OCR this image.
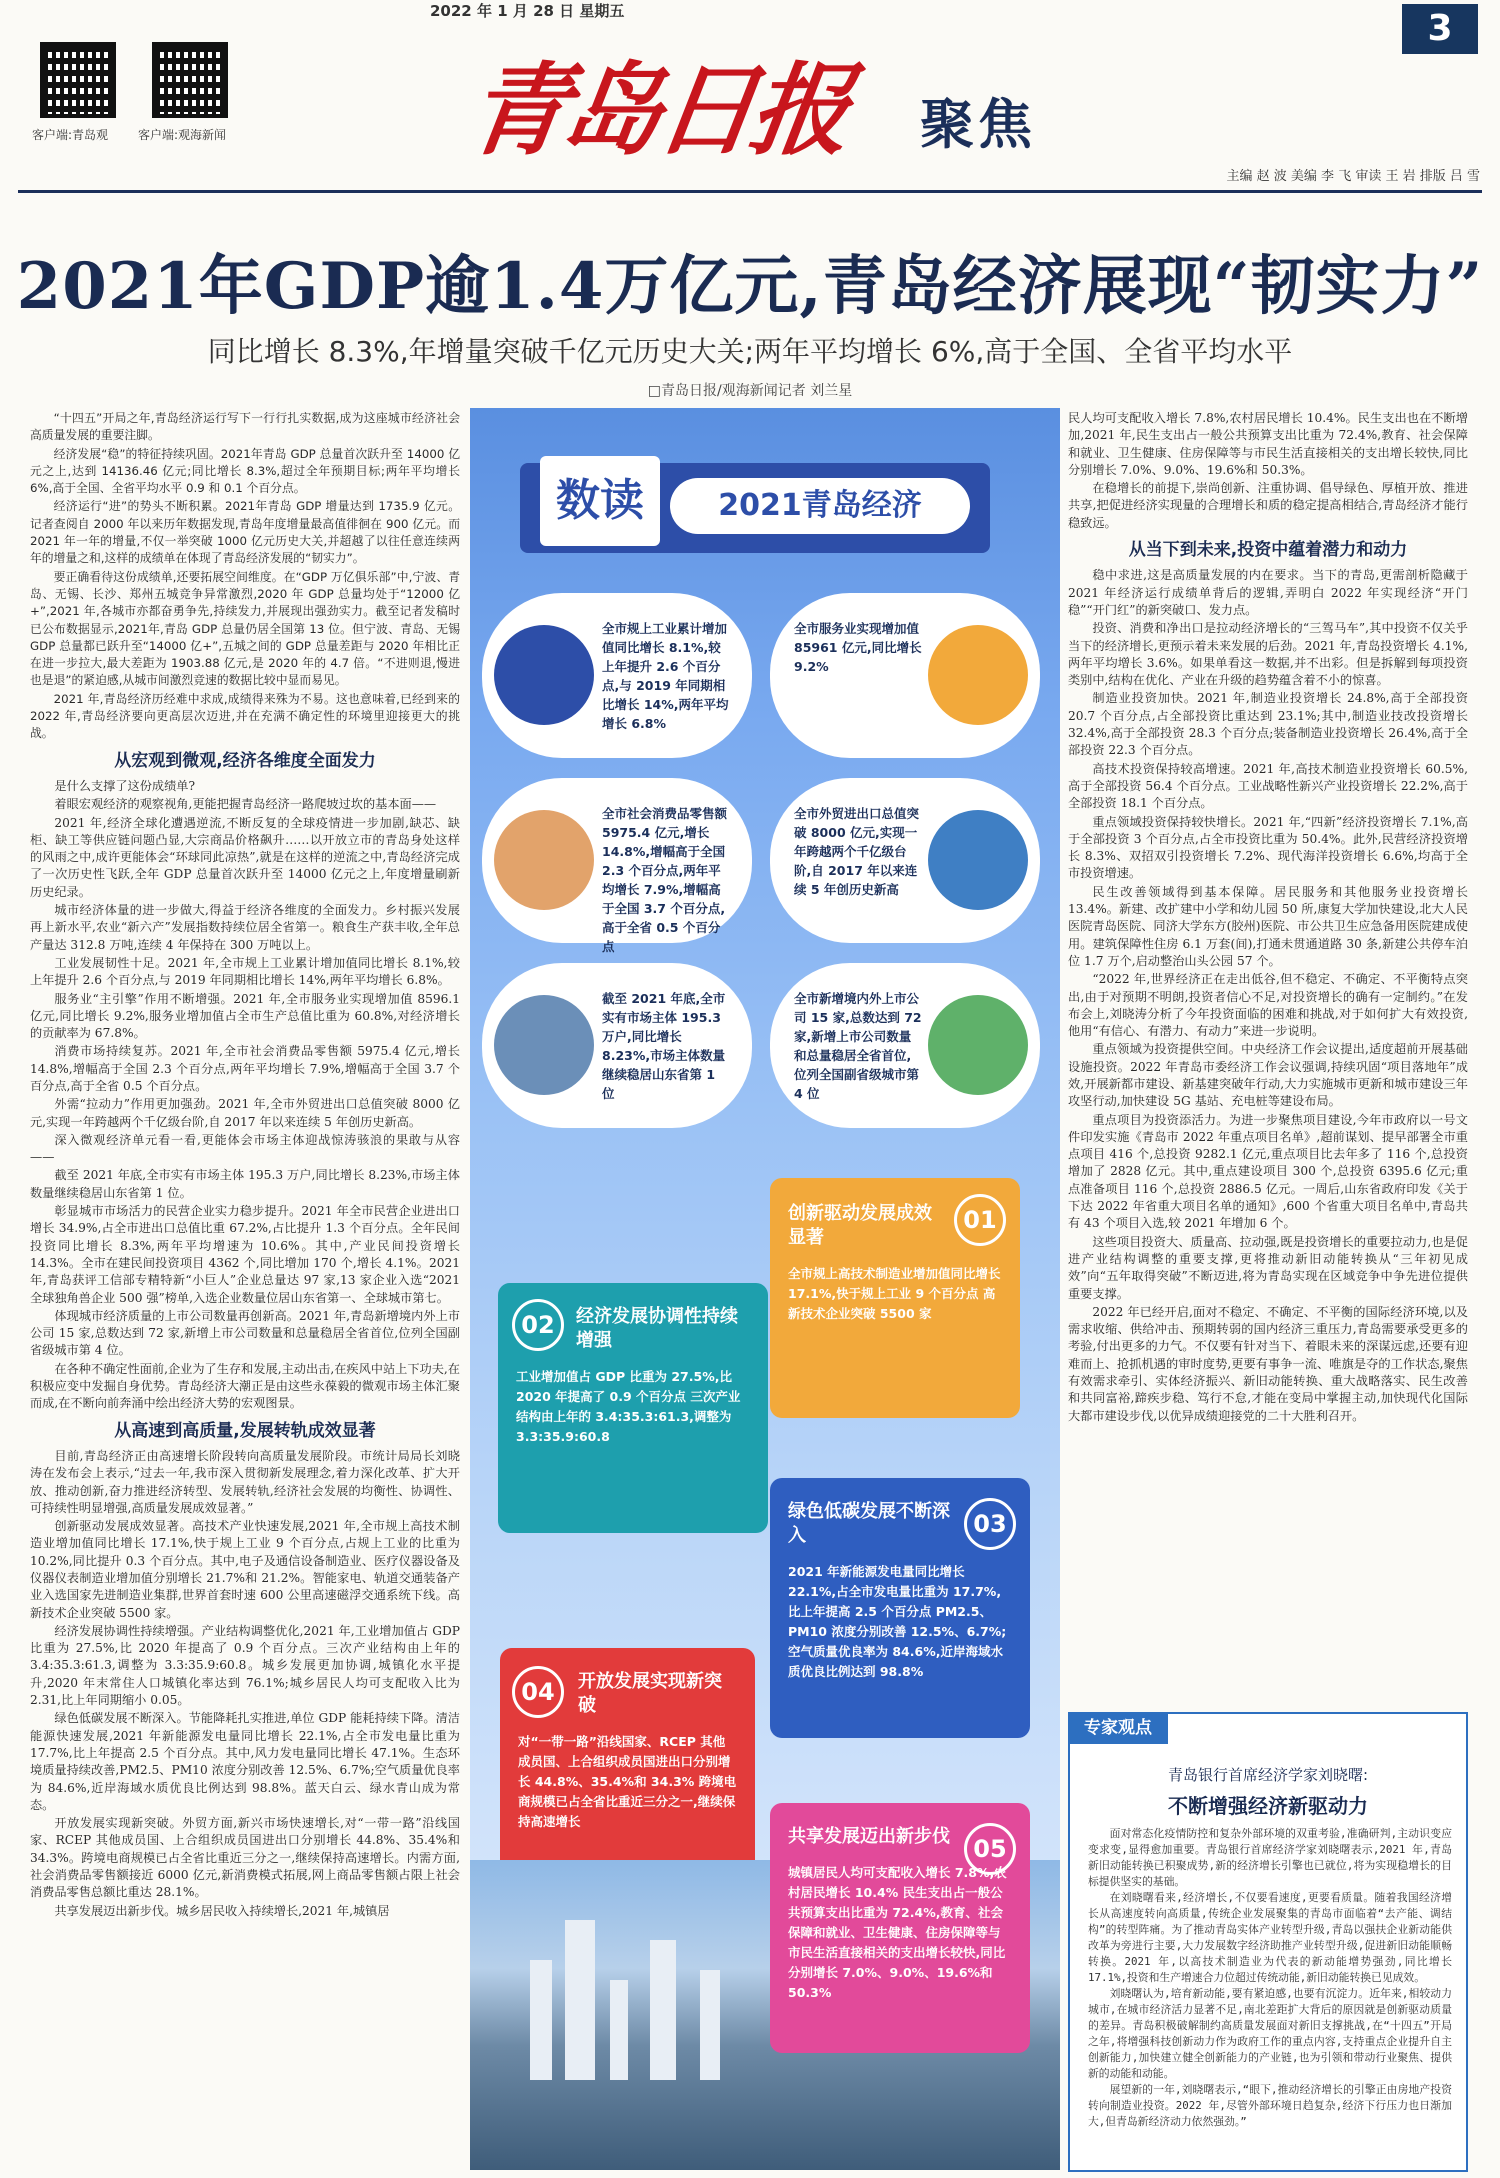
2022 年 1 月 28 日 星期五	3
客户端:青岛观 客户端:观海新闻 青岛日报 聚焦
主编 赵 波 美编 李 飞 审读 王 岩 排版 吕 雪
2021年GDP逾1.4万亿元,青岛经济展现“韧实力”
同比增长 8.3%,年增量突破千亿元历史大关;两年平均增长 6%,高于全国、全省平均水平
□青岛日报/观海新闻记者 刘兰星

“十四五”开局之年,青岛经济运行写下一行行扎实数据,成为这座城市经济社会高质量发展的重要注脚。

经济发展“稳”的特征持续巩固。2021年青岛 GDP 总量首次跃升至 14000 亿元之上,达到 14136.46 亿元;同比增长 8.3%,超过全年预期目标;两年平均增长 6%,高于全国、全省平均水平 0.9 和 0.1 个百分点。

经济运行“进”的势头不断积累。2021年青岛 GDP 增量达到 1735.9 亿元。记者查阅自 2000 年以来历年数据发现,青岛年度增量最高值徘徊在 900 亿元。而 2021 年一年的增量,不仅一举突破 1000 亿元历史大关,并超越了以往任意连续两年的增量之和,这样的成绩单在体现了青岛经济发展的“韧实力”。

要正确看待这份成绩单,还要拓展空间维度。在“GDP 万亿俱乐部”中,宁波、青岛、无锡、长沙、郑州五城竞争异常激烈,2020 年 GDP 总量均处于“12000 亿+”,2021 年,各城市亦都奋勇争先,持续发力,并展现出强劲实力。截至记者发稿时已公布数据显示,2021年,青岛 GDP 总量仍居全国第 13 位。但宁波、青岛、无锡 GDP 总量都已跃升至“14000 亿+”,五城之间的 GDP 总量差距与 2020 年相比正在进一步拉大,最大差距为 1903.88 亿元,是 2020 年的 4.7 倍。“不进则退,慢进也是退”的紧迫感,从城市间激烈竞速的数据比较中显而易见。

2021 年,青岛经济历经难中求成,成绩得来殊为不易。这也意味着,已经到来的 2022 年,青岛经济要向更高层次迈进,并在充满不确定性的环境里迎接更大的挑战。

从宏观到微观,经济各维度全面发力

是什么支撑了这份成绩单?

着眼宏观经济的观察视角,更能把握青岛经济一路爬坡过坎的基本面——

2021 年,经济全球化遭遇逆流,不断反复的全球疫情进一步加剧,缺芯、缺柜、缺工等供应链问题凸显,大宗商品价格飙升……以开放立市的青岛身处这样的风雨之中,成许更能体会“环球同此凉热”,就是在这样的逆流之中,青岛经济完成了一次历史性飞跃,全年 GDP 总量首次跃升至 14000 亿元之上,年度增量刷新历史纪录。

城市经济体量的进一步做大,得益于经济各维度的全面发力。乡村振兴发展再上新水平,农业“新六产”发展指数持续位居全省第一。粮食生产获丰收,全年总产量达 312.8 万吨,连续 4 年保持在 300 万吨以上。

工业发展韧性十足。2021 年,全市规上工业累计增加值同比增长 8.1%,较上年提升 2.6 个百分点,与 2019 年同期相比增长 14%,两年平均增长 6.8%。

服务业“主引擎”作用不断增强。2021 年,全市服务业实现增加值 8596.1 亿元,同比增长 9.2%,服务业增加值占全市生产总值比重为 60.8%,对经济增长的贡献率为 67.8%。

消费市场持续复苏。2021 年,全市社会消费品零售额 5975.4 亿元,增长 14.8%,增幅高于全国 2.3 个百分点,两年平均增长 7.9%,增幅高于全国 3.7 个百分点,高于全省 0.5 个百分点。

外需“拉动力”作用更加强劲。2021 年,全市外贸进出口总值突破 8000 亿元,实现一年跨越两个千亿级台阶,自 2017 年以来连续 5 年创历史新高。

深入微观经济单元看一看,更能体会市场主体迎战惊涛骇浪的果敢与从容——

截至 2021 年底,全市实有市场主体 195.3 万户,同比增长 8.23%,市场主体数量继续稳居山东省第 1 位。

彰显城市市场活力的民营企业实力稳步提升。2021 年全市民营企业进出口增长 34.9%,占全市进出口总值比重 67.2%,占比提升 1.3 个百分点。全年民间投资同比增长 8.3%,两年平均增速为 10.6%。其中,产业民间投资增长 14.3%。全市在建民间投资项目 4362 个,同比增加 170 个,增长 4.1%。2021 年,青岛获评工信部专精特新“小巨人”企业总量达 97 家,13 家企业入选“2021 全球独角兽企业 500 强”榜单,入选企业数量位居山东省第一、全球城市第七。

体现城市经济质量的上市公司数量再创新高。2021 年,青岛新增境内外上市公司 15 家,总数达到 72 家,新增上市公司数量和总量稳居全省首位,位列全国副省级城市第 4 位。

在各种不确定性面前,企业为了生存和发展,主动出击,在疾风中站上下功夫,在积极应变中发掘自身优势。青岛经济大潮正是由这些永葆毅的微观市场主体汇聚而成,在不断向前奔涌中绘出经济大势的宏观图景。

从高速到高质量,发展转轨成效显著

目前,青岛经济正由高速增长阶段转向高质量发展阶段。市统计局局长刘晓涛在发布会上表示,“过去一年,我市深入贯彻新发展理念,着力深化改革、扩大开放、推动创新,奋力推进经济转型、发展转轨,经济社会发展的均衡性、协调性、可持续性明显增强,高质量发展成效显著。”

创新驱动发展成效显著。高技术产业快速发展,2021 年,全市规上高技术制造业增加值同比增长 17.1%,快于规上工业 9 个百分点,占规上工业的比重为 10.2%,同比提升 0.3 个百分点。其中,电子及通信设备制造业、医疗仪器设备及仪器仪表制造业增加值分别增长 21.7%和 21.2%。智能家电、轨道交通装备产业入选国家先进制造业集群,世界首套时速 600 公里高速磁浮交通系统下线。高新技术企业突破 5500 家。

经济发展协调性持续增强。产业结构调整优化,2021 年,工业增加值占 GDP 比重为 27.5%,比 2020 年提高了 0.9 个百分点。三次产业结构由上年的 3.4:35.3:61.3,调整为 3.3:35.9:60.8。城乡发展更加协调,城镇化水平提升,2020 年末常住人口城镇化率达到 76.1%;城乡居民人均可支配收入比为 2.31,比上年同期缩小 0.05。

绿色低碳发展不断深入。节能降耗扎实推进,单位 GDP 能耗持续下降。清洁能源快速发展,2021 年新能源发电量同比增长 22.1%,占全市发电量比重为 17.7%,比上年提高 2.5 个百分点。其中,风力发电量同比增长 47.1%。生态环境质量持续改善,PM2.5、PM10 浓度分别改善 12.5%、6.7%;空气质量优良率为 84.6%,近岸海域水质优良比例达到 98.8%。蓝天白云、绿水青山成为常态。

开放发展实现新突破。外贸方面,新兴市场快速增长,对“一带一路”沿线国家、RCEP 其他成员国、上合组织成员国进出口分别增长 44.8%、35.4%和 34.3%。跨境电商规模已占全省比重近三分之一,继续保持高速增长。内需方面,社会消费品零售额接近 6000 亿元,新消费模式拓展,网上商品零售额占限上社会消费品零售总额比重达 28.1%。

共享发展迈出新步伐。城乡居民收入持续增长,2021 年,城镇居

数读	2021青岛经济
全市规上工业累计增加值同比增长 8.1%,较上年提升 2.6 个百分点,与 2019 年同期相比增长 14%,两年平均增长 6.8%
全市服务业实现增加值 85961 亿元,同比增长 9.2%
全市社会消费品零售额 5975.4 亿元,增长 14.8%,增幅高于全国 2.3 个百分点,两年平均增长 7.9%,增幅高于全国 3.7 个百分点,高于全省 0.5 个百分点
全市外贸进出口总值突破 8000 亿元,实现一年跨越两个千亿级台阶,自 2017 年以来连续 5 年创历史新高
截至 2021 年底,全市实有市场主体 195.3 万户,同比增长 8.23%,市场主体数量继续稳居山东省第 1 位
全市新增境内外上市公司 15 家,总数达到 72 家,新增上市公司数量和总量稳居全省首位,位列全国副省级城市第 4 位
01
创新驱动发展成效显著
全市规上高技术制造业增加值同比增长 17.1%,快于规上工业 9 个百分点 高新技术企业突破 5500 家
02	经济发展协调性持续增强
工业增加值占 GDP 比重为 27.5%,比 2020 年提高了 0.9 个百分点 三次产业结构由上年的 3.4:35.3:61.3,调整为 3.3:35.9:60.8
03
绿色低碳发展不断深入
2021 年新能源发电量同比增长 22.1%,占全市发电量比重为 17.7%,比上年提高 2.5 个百分点 PM2.5、PM10 浓度分别改善 12.5%、6.7%;空气质量优良率为 84.6%,近岸海域水质优良比例达到 98.8%
04	开放发展实现新突破
对“一带一路”沿线国家、RCEP 其他成员国、上合组织成员国进出口分别增长 44.8%、35.4%和 34.3% 跨境电商规模已占全省比重近三分之一,继续保持高速增长
05
共享发展迈出新步伐
城镇居民人均可支配收入增长 7.8%,农村居民增长 10.4% 民生支出占一般公共预算支出比重为 72.4%,教育、社会保障和就业、卫生健康、住房保障等与市民生活直接相关的支出增长较快,同比分别增长 7.0%、9.0%、19.6%和 50.3%

民人均可支配收入增长 7.8%,农村居民增长 10.4%。民生支出也在不断增加,2021 年,民生支出占一般公共预算支出比重为 72.4%,教育、社会保障和就业、卫生健康、住房保障等与市民生活直接相关的支出增长较快,同比分别增长 7.0%、9.0%、19.6%和 50.3%。

在稳增长的前提下,崇尚创新、注重协调、倡导绿色、厚植开放、推进共享,把促进经济实现量的合理增长和质的稳定提高相结合,青岛经济才能行稳致远。

从当下到未来,投资中蕴着潜力和动力

稳中求进,这是高质量发展的内在要求。当下的青岛,更需剖析隐藏于 2021 年经济运行成绩单背后的逻辑,弄明白 2022 年实现经济“开门稳”“开门红”的新突破口、发力点。

投资、消费和净出口是拉动经济增长的“三驾马车”,其中投资不仅关乎当下的经济增长,更预示着未来发展的后劲。2021 年,青岛投资增长 4.1%,两年平均增长 3.6%。如果单看这一数据,并不出彩。但是拆解到每项投资类别中,结构在优化、产业在升级的趋势蕴含着不小的惊喜。

制造业投资加快。2021 年,制造业投资增长 24.8%,高于全部投资 20.7 个百分点,占全部投资比重达到 23.1%;其中,制造业技改投资增长 32.4%,高于全部投资 28.3 个百分点;装备制造业投资增长 26.4%,高于全部投资 22.3 个百分点。

高技术投资保持较高增速。2021 年,高技术制造业投资增长 60.5%,高于全部投资 56.4 个百分点。工业战略性新兴产业投资增长 22.2%,高于全部投资 18.1 个百分点。

重点领域投资保持较快增长。2021 年,“四新”经济投资增长 7.1%,高于全部投资 3 个百分点,占全市投资比重为 50.4%。此外,民营经济投资增长 8.3%、双招双引投资增长 7.2%、现代海洋投资增长 6.6%,均高于全市投资增速。

民生改善领域得到基本保障。居民服务和其他服务业投资增长 13.4%。新建、改扩建中小学和幼儿园 50 所,康复大学加快建设,北大人民医院青岛医院、同济大学东方(胶州)医院、市公共卫生应急备用医院建成使用。建筑保障性住房 6.1 万套(间),打通未贯通道路 30 条,新建公共停车泊位 1.7 万个,启动整治山头公园 57 个。

“2022 年,世界经济正在走出低谷,但不稳定、不确定、不平衡特点突出,由于对预期不明朗,投资者信心不足,对投资增长的确有一定制约。”在发布会上,刘晓涛分析了今年投资面临的困难和挑战,对于如何扩大有效投资,他用“有信心、有潜力、有动力”来进一步说明。

重点领域为投资提供空间。中央经济工作会议提出,适度超前开展基础设施投资。2022 年青岛市委经济工作会议强调,持续巩固“项目落地年”成效,开展新都市建设、新基建突破年行动,大力实施城市更新和城市建设三年攻坚行动,加快建设 5G 基站、充电桩等建设布局。

重点项目为投资添活力。为进一步聚焦项目建设,今年市政府以一号文件印发实施《青岛市 2022 年重点项目名单》,超前谋划、提早部署全市重点项目 416 个,总投资 9282.1 亿元,重点项目比去年多了 116 个,总投资增加了 2828 亿元。其中,重点建设项目 300 个,总投资 6395.6 亿元;重点准备项目 116 个,总投资 2886.5 亿元。一周后,山东省政府印发《关于下达 2022 年省重大项目名单的通知》,600 个省重大项目名单中,青岛共有 43 个项目入选,较 2021 年增加 6 个。

这些项目投资大、质量高、拉动强,既是投资增长的重要拉动力,也是促进产业结构调整的重要支撑,更将推动新旧动能转换从“三年初见成效”向“五年取得突破”不断迈进,将为青岛实现在区域竞争中争先进位提供重要支撑。

2022 年已经开启,面对不稳定、不确定、不平衡的国际经济环境,以及需求收缩、供给冲击、预期转弱的国内经济三重压力,青岛需要承受更多的考验,付出更多的力气。不仅要有针对当下、着眼未来的深谋远虑,还要有迎难而上、抢抓机遇的审时度势,更要有事争一流、唯旗是夺的工作状态,聚焦有效需求牵引、实体经济振兴、新旧动能转换、重大战略落实、民生改善和共同富裕,蹄疾步稳、笃行不怠,才能在变局中掌握主动,加快现代化国际大都市建设步伐,以优异成绩迎接党的二十大胜利召开。

专家观点
青岛银行首席经济学家刘晓曙:
不断增强经济新驱动力

面对常态化疫情防控和复杂外部环境的双重考验,准确研判,主动识变应变求变,显得愈加重要。青岛银行首席经济学家刘晓曙表示,2021 年,青岛新旧动能转换已积聚成势,新的经济增长引擎也已就位,将为实现稳增长的目标提供坚实的基础。

在刘晓曙看来,经济增长,不仅要看速度,更要看质量。随着我国经济增长从高速度转向高质量,传统企业发展聚集的青岛市面临着“去产能、调结构”的转型阵痛。为了推动青岛实体产业转型升级,青岛以强扶企业新动能供改革为旁进行主要,大力发展数字经济助推产业转型升级,促进新旧动能顺畅转换。2021 年,以高技术制造业为代表的新动能增势强劲,同比增长 17.1%,投资和生产增速合力位超过传统动能,新旧动能转换已见成效。

刘晓曙认为,培育新动能,要有紧迫感,也要有沉淀力。近年来,相较动力城市,在城市经济活力显著不足,南北差距扩大背后的原因就是创新驱动质量的差异。青岛积极破解制约高质量发展面对新旧支撑挑战,在“十四五”开局之年,将增强科技创新动力作为政府工作的重点内容,支持重点企业提升自主创新能力,加快建立健全创新能力的产业链,也为引领和带动行业聚焦、提供新的动能和动能。

展望新的一年,刘晓曙表示,“眼下,推动经济增长的引擎正由房地产投资转向制造业投资。2022 年,尽管外部环境日趋复杂,经济下行压力也日渐加大,但青岛新经济动力依然强劲。”
